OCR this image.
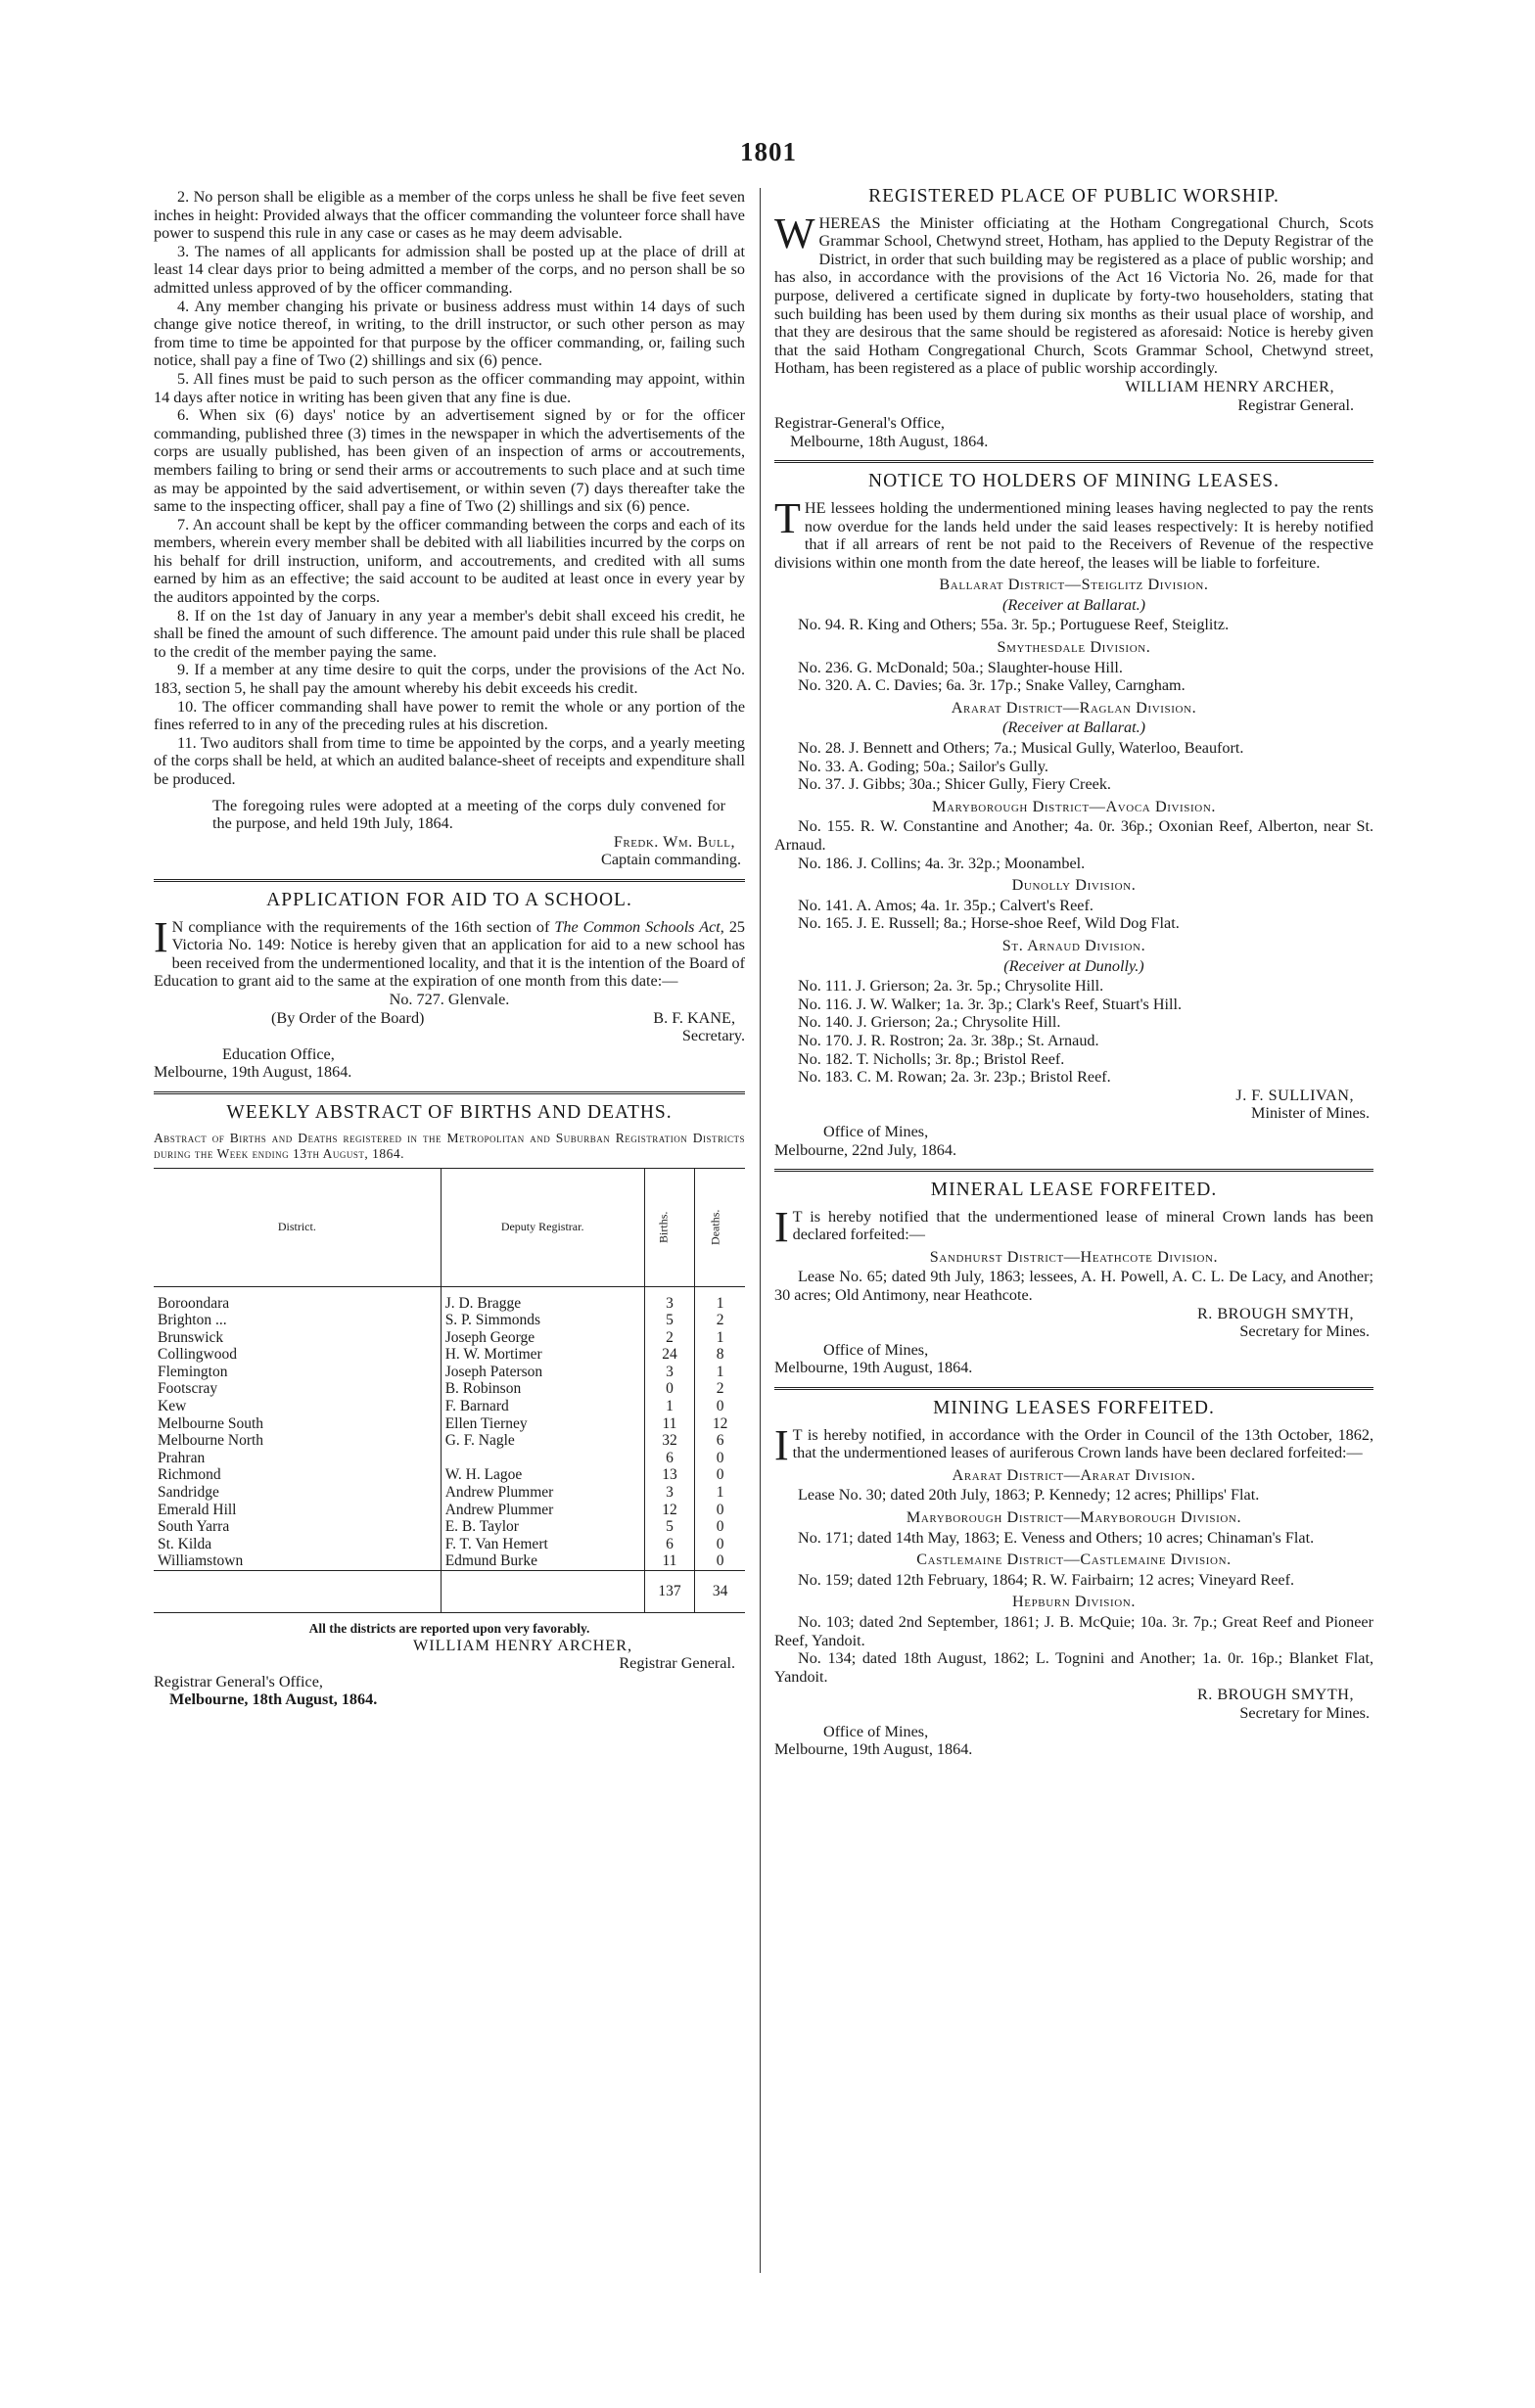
1801

2. No person shall be eligible as a member of the corps unless he shall be five feet seven inches in height: Provided always that the officer commanding the volunteer force shall have power to suspend this rule in any case or cases as he may deem advisable.

3. The names of all applicants for admission shall be posted up at the place of drill at least 14 clear days prior to being admitted a member of the corps, and no person shall be so admitted unless approved of by the officer commanding.

4. Any member changing his private or business address must within 14 days of such change give notice thereof, in writing, to the drill instructor, or such other person as may from time to time be appointed for that purpose by the officer commanding, or, failing such notice, shall pay a fine of Two (2) shillings and six (6) pence.

5. All fines must be paid to such person as the officer commanding may appoint, within 14 days after notice in writing has been given that any fine is due.

6. When six (6) days' notice by an advertisement signed by or for the officer commanding, published three (3) times in the newspaper in which the advertisements of the corps are usually published, has been given of an inspection of arms or accoutrements, members failing to bring or send their arms or accoutrements to such place and at such time as may be appointed by the said advertisement, or within seven (7) days thereafter take the same to the inspecting officer, shall pay a fine of Two (2) shillings and six (6) pence.

7. An account shall be kept by the officer commanding between the corps and each of its members, wherein every member shall be debited with all liabilities incurred by the corps on his behalf for drill instruction, uniform, and accoutrements, and credited with all sums earned by him as an effective; the said account to be audited at least once in every year by the auditors appointed by the corps.

8. If on the 1st day of January in any year a member's debit shall exceed his credit, he shall be fined the amount of such difference. The amount paid under this rule shall be placed to the credit of the member paying the same.

9. If a member at any time desire to quit the corps, under the provisions of the Act No. 183, section 5, he shall pay the amount whereby his debit exceeds his credit.

10. The officer commanding shall have power to remit the whole or any portion of the fines referred to in any of the preceding rules at his discretion.

11. Two auditors shall from time to time be appointed by the corps, and a yearly meeting of the corps shall be held, at which an audited balance-sheet of receipts and expenditure shall be produced.

The foregoing rules were adopted at a meeting of the corps duly convened for the purpose, and held 19th July, 1864.

Fredk. Wm. Bull,

Captain commanding.

APPLICATION FOR AID TO A SCHOOL.

I N compliance with the requirements of the 16th section of The Common Schools Act, 25 Victoria No. 149: Notice is hereby given that an application for aid to a new school has been received from the undermentioned locality, and that it is the intention of the Board of Education to grant aid to the same at the expiration of one month from this date:—

No. 727. Glenvale.

(By Order of the Board)	B. F. KANE,

Secretary.

Education Office,

Melbourne, 19th August, 1864.

WEEKLY ABSTRACT OF BIRTHS AND DEATHS.

Abstract of Births and Deaths registered in the Metropolitan and Suburban Registration Districts during the Week ending 13th August, 1864.

District.	Deputy Registrar.	Births.	Deaths.
Boroondara	J. D. Bragge	3	1
Brighton ...	S. P. Simmonds	5	2
Brunswick	Joseph George	2	1
Collingwood	H. W. Mortimer	24	8
Flemington	Joseph Paterson	3	1
Footscray	B. Robinson	0	2
Kew	F. Barnard	1	0
Melbourne South	Ellen Tierney	11	12
Melbourne North	G. F. Nagle	32	6
Prahran		6	0
Richmond	W. H. Lagoe	13	0
Sandridge	Andrew Plummer	3	1
Emerald Hill	Andrew Plummer	12	0
South Yarra	E. B. Taylor	5	0
St. Kilda	F. T. Van Hemert	6	0
Williamstown	Edmund Burke	11	0
		137	34

All the districts are reported upon very favorably.

WILLIAM HENRY ARCHER,

Registrar General.

Registrar General's Office,

Melbourne, 18th August, 1864.

REGISTERED PLACE OF PUBLIC WORSHIP.

WHEREAS the Minister officiating at the Hotham Congregational Church, Scots Grammar School, Chetwynd street, Hotham, has applied to the Deputy Registrar of the District, in order that such building may be registered as a place of public worship; and has also, in accordance with the provisions of the Act 16 Victoria No. 26, made for that purpose, delivered a certificate signed in duplicate by forty-two householders, stating that such building has been used by them during six months as their usual place of worship, and that they are desirous that the same should be registered as aforesaid: Notice is hereby given that the said Hotham Congregational Church, Scots Grammar School, Chetwynd street, Hotham, has been registered as a place of public worship accordingly.

WILLIAM HENRY ARCHER,

Registrar General.

Registrar-General's Office,

Melbourne, 18th August, 1864.

NOTICE TO HOLDERS OF MINING LEASES.

THE lessees holding the undermentioned mining leases having neglected to pay the rents now overdue for the lands held under the said leases respectively: It is hereby notified that if all arrears of rent be not paid to the Receivers of Revenue of the respective divisions within one month from the date hereof, the leases will be liable to forfeiture.

Ballarat District—Steiglitz Division.
(Receiver at Ballarat.)

No. 94. R. King and Others; 55a. 3r. 5p.; Portuguese Reef, Steiglitz.

Smythesdale Division.

No. 236. G. McDonald; 50a.; Slaughter-house Hill.

No. 320. A. C. Davies; 6a. 3r. 17p.; Snake Valley, Carngham.

Ararat District—Raglan Division.
(Receiver at Ballarat.)

No. 28. J. Bennett and Others; 7a.; Musical Gully, Waterloo, Beaufort.

No. 33. A. Goding; 50a.; Sailor's Gully.

No. 37. J. Gibbs; 30a.; Shicer Gully, Fiery Creek.

Maryborough District—Avoca Division.

No. 155. R. W. Constantine and Another; 4a. 0r. 36p.; Oxonian Reef, Alberton, near St. Arnaud.

No. 186. J. Collins; 4a. 3r. 32p.; Moonambel.

Dunolly Division.

No. 141. A. Amos; 4a. 1r. 35p.; Calvert's Reef.

No. 165. J. E. Russell; 8a.; Horse-shoe Reef, Wild Dog Flat.

St. Arnaud Division.
(Receiver at Dunolly.)

No. 111. J. Grierson; 2a. 3r. 5p.; Chrysolite Hill.

No. 116. J. W. Walker; 1a. 3r. 3p.; Clark's Reef, Stuart's Hill.

No. 140. J. Grierson; 2a.; Chrysolite Hill.

No. 170. J. R. Rostron; 2a. 3r. 38p.; St. Arnaud.

No. 182. T. Nicholls; 3r. 8p.; Bristol Reef.

No. 183. C. M. Rowan; 2a. 3r. 23p.; Bristol Reef.

J. F. SULLIVAN,

Minister of Mines.

Office of Mines,

Melbourne, 22nd July, 1864.

MINERAL LEASE FORFEITED.

I T is hereby notified that the undermentioned lease of mineral Crown lands has been declared forfeited:—

Sandhurst District—Heathcote Division.

Lease No. 65; dated 9th July, 1863; lessees, A. H. Powell, A. C. L. De Lacy, and Another; 30 acres; Old Antimony, near Heathcote.

R. BROUGH SMYTH,

Secretary for Mines.

Office of Mines,

Melbourne, 19th August, 1864.

MINING LEASES FORFEITED.

I T is hereby notified, in accordance with the Order in Council of the 13th October, 1862, that the undermentioned leases of auriferous Crown lands have been declared forfeited:—

Ararat District—Ararat Division.

Lease No. 30; dated 20th July, 1863; P. Kennedy; 12 acres; Phillips' Flat.

Maryborough District—Maryborough Division.

No. 171; dated 14th May, 1863; E. Veness and Others; 10 acres; Chinaman's Flat.

Castlemaine District—Castlemaine Division.

No. 159; dated 12th February, 1864; R. W. Fairbairn; 12 acres; Vineyard Reef.

Hepburn Division.

No. 103; dated 2nd September, 1861; J. B. McQuie; 10a. 3r. 7p.; Great Reef and Pioneer Reef, Yandoit.

No. 134; dated 18th August, 1862; L. Tognini and Another; 1a. 0r. 16p.; Blanket Flat, Yandoit.

R. BROUGH SMYTH,

Secretary for Mines.

Office of Mines,

Melbourne, 19th August, 1864.
